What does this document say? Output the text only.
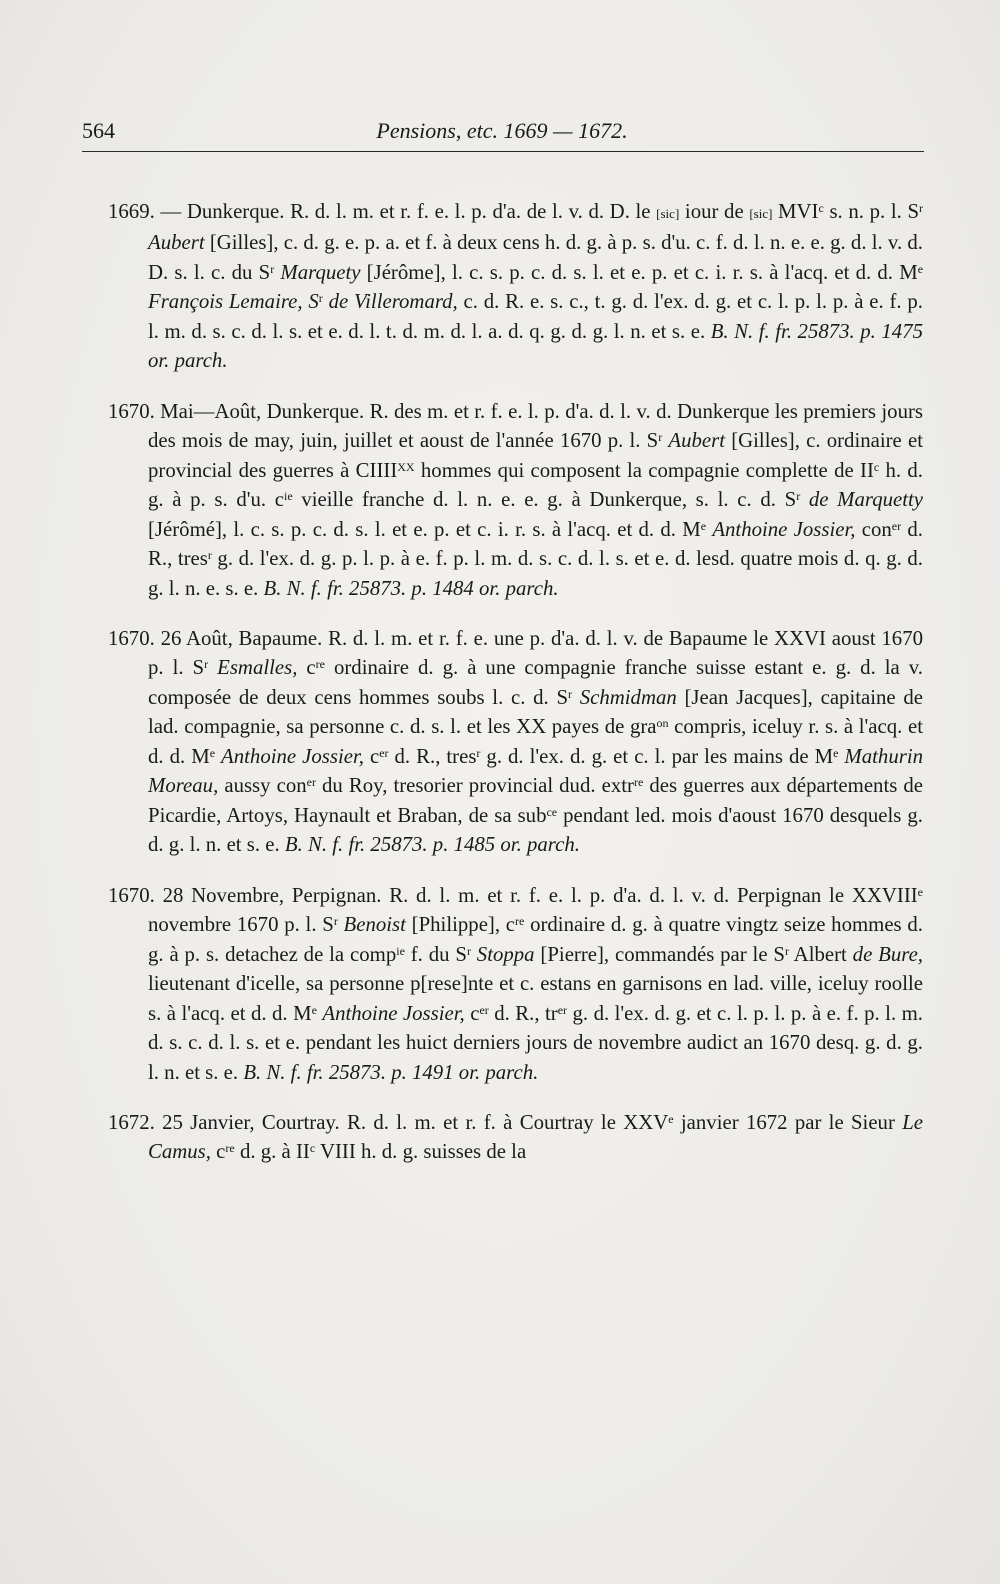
564	Pensions, etc. 1669 — 1672.

1669. — Dunkerque. R. d. l. m. et r. f. e. l. p. d'a. de l. v. d. D. le [sic] iour de [sic] MVI$^c$ s. n. p. l. $S^r$ Aubert [Gilles], c. d. g. e. p. a. et f. à deux cens h. d. g. à p. s. d'u. c. f. d. l. n. e. e. g. d. l. v. d. D. s. l. c. du $S^r$ Marquety [Jérôme], l. c. s. p. c. d. s. l. et e. p. et c. i. r. s. à l'acq. et d. d. Me François Lemaire, $S^r$ de Villeromard, c. d. R. e. s. c., t. g. d. l'ex. d. g. et c. l. p. l. p. à e. f. p. l. m. d. s. c. d. l. s. et e. d. l. t. d. m. d. l. a. d. q. g. d. g. l. n. et s. e. B. N. f. fr. 25873. p. 1475 or. parch.

1670. Mai—Août, Dunkerque. R. des m. et r. f. e. l. p. d'a. d. l. v. d. Dunkerque les premiers jours des mois de may, juin, juillet et aoust de l'année 1670 p. l. $S^r$ Aubert [Gilles], c. ordinaire et provincial des guerres à $CIIII^{XX}$ hommes qui composent la compagnie complette de $II^c$ h. d. g. à p. s. d'u. $c^{ie}$ vieille franche d. l. n. e. e. g. à Dunkerque, s. l. c. d. $S^r$ de Marquetty [Jérômé], l. c. s. p. c. d. s. l. et e. p. et c. i. r. s. à l'acq. et d. d. Me Anthoine Jossier, con$^{er}$ d. R., tres$^r$ g. d. l'ex. d. g. p. l. p. à e. f. p. l. m. d. s. c. d. l. s. et e. d. lesd. quatre mois d. q. g. d. g. l. n. e. s. e. B. N. f. fr. 25873. p. 1484 or. parch.

1670. 26 Août, Bapaume. R. d. l. m. et r. f. e. une p. d'a. d. l. v. de Bapaume le XXVI aoust 1670 p. l. $S^r$ Esmalles, $c^{re}$ ordinaire d. g. à une compagnie franche suisse estant e. g. d. la v. composée de deux cens hommes soubs l. c. d. $S^r$ Schmidman [Jean Jacques], capitaine de lad. compagnie, sa personne c. d. s. l. et les XX payes de gra$^{on}$ compris, iceluy r. s. à l'acq. et d. d. Me Anthoine Jossier, $c^{er}$ d. R., tres$^r$ g. d. l'ex. d. g. et c. l. par les mains de Me Mathurin Moreau, aussy con$^{er}$ du Roy, tresorier provincial dud. extr$^{re}$ des guerres aux départements de Picardie, Artoys, Haynault et Braban, de sa sub$^{ce}$ pendant led. mois d'aoust 1670 desquels g. d. g. l. n. et s. e. B. N. f. fr. 25873. p. 1485 or. parch.

1670. 28 Novembre, Perpignan. R. d. l. m. et r. f. e. l. p. d'a. d. l. v. d. Perpignan le XXVIIIe novembre 1670 p. l. $S^r$ Benoist [Philippe], $c^{re}$ ordinaire d. g. à quatre vingtz seize hommes d. g. à p. s. detachez de la comp$^{ie}$ f. du $S^r$ Stoppa [Pierre], commandés par le $S^r$ Albert de Bure, lieutenant d'icelle, sa personne p[rese]nte et c. estans en garnisons en lad. ville, iceluy roolle s. à l'acq. et d. d. Me Anthoine Jossier, $c^{er}$ d. R., $tr^{er}$ g. d. l'ex. d. g. et c. l. p. l. p. à e. f. p. l. m. d. s. c. d. l. s. et e. pendant les huict derniers jours de novembre audict an 1670 desq. g. d. g. l. n. et s. e. B. N. f. fr. 25873. p. 1491 or. parch.

1672. 25 Janvier, Courtray. R. d. l. m. et r. f. à Courtray le XXVe janvier 1672 par le Sieur Le Camus, $c^{re}$ d. g. à $II^c$ VIII h. d. g. suisses de la
